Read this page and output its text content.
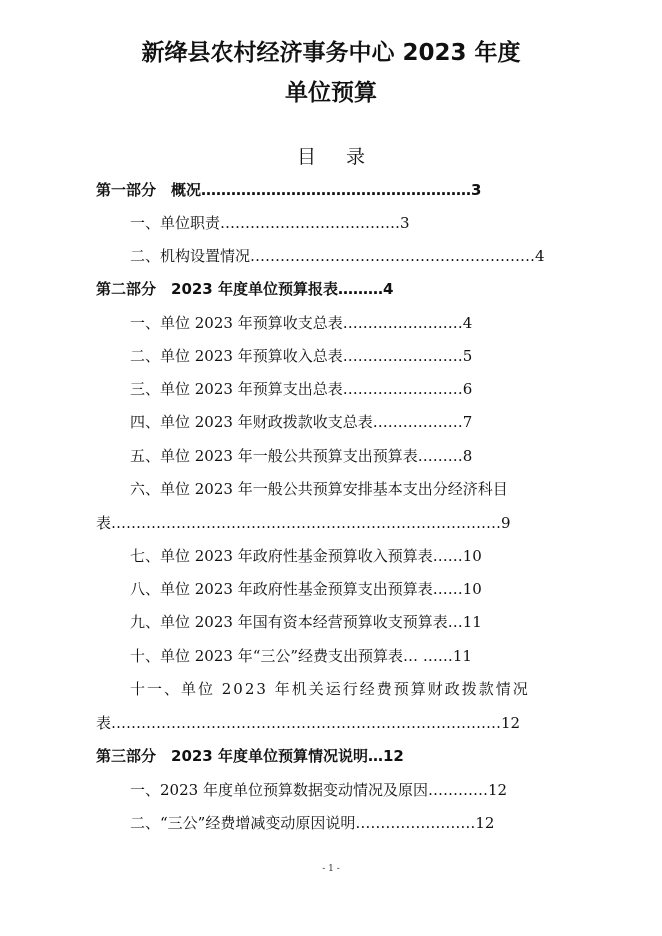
新绛县农村经济事务中心 2023 年度
单位预算
目录
第一部分　概况………………………………………………3
一、单位职责………………………………3
二、机构设置情况…………………………………………………4
第二部分　2023 年度单位预算报表………4
一、单位 2023 年预算收支总表……………………4
二、单位 2023 年预算收入总表……………………5
三、单位 2023 年预算支出总表……………………6
四、单位 2023 年财政拨款收支总表………………7
五、单位 2023 年一般公共预算支出预算表………8
六、单位 2023 年一般公共预算安排基本支出分经济科目
表……………………………………………………………………9
七、单位 2023 年政府性基金预算收入预算表……10
八、单位 2023 年政府性基金预算支出预算表……10
九、单位 2023 年国有资本经营预算收支预算表…11
十、单位 2023 年“三公”经费支出预算表… ……11
十一、单位 2023 年机关运行经费预算财政拨款情况
表……………………………………………………………………12
第三部分　2023 年度单位预算情况说明…12
一、2023 年度单位预算数据变动情况及原因…………12
二、“三公”经费增减变动原因说明……………………12
- 1 -
